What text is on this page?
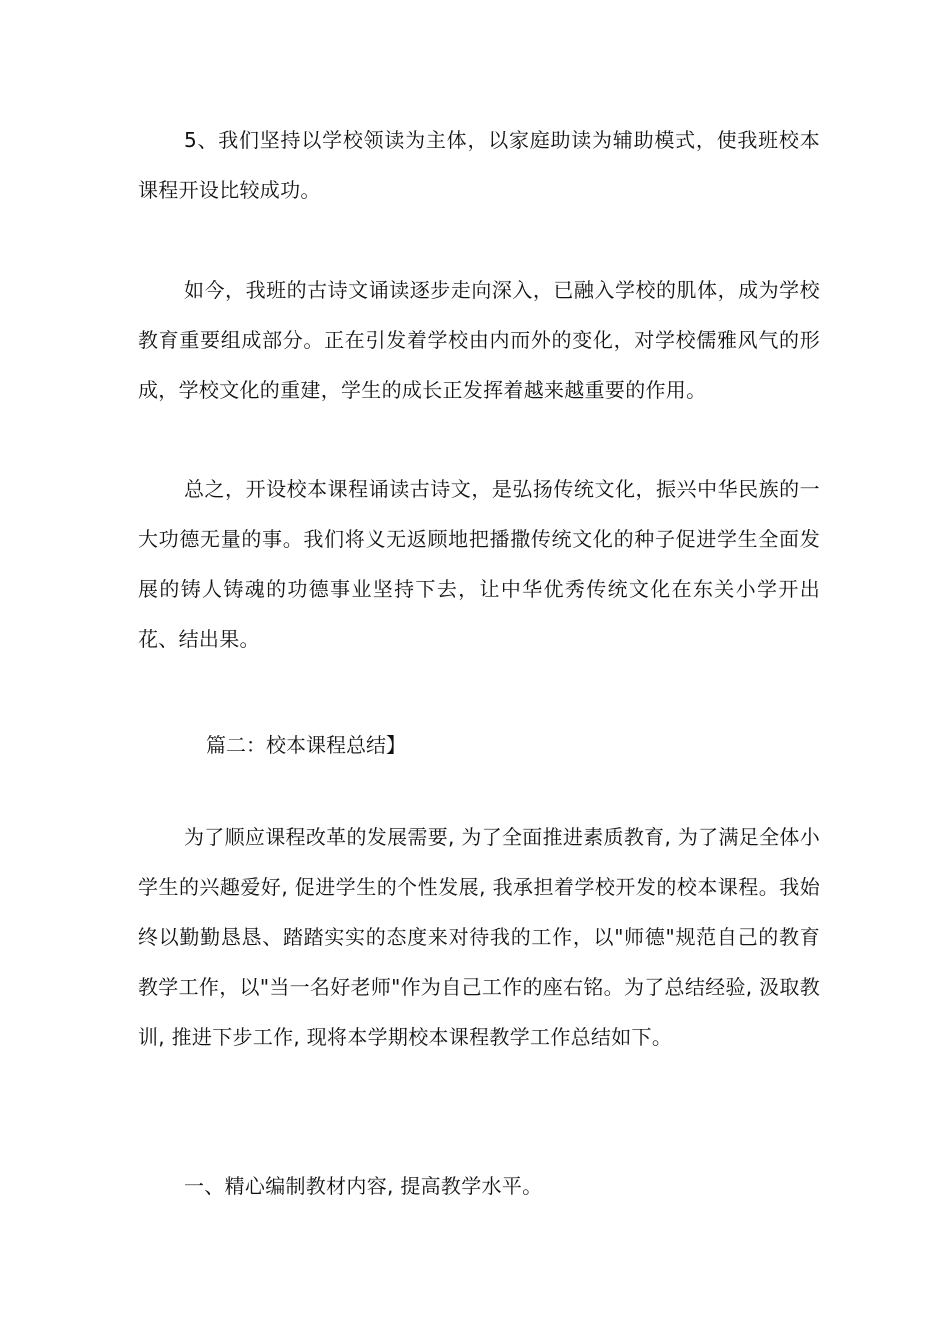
5、我们坚持以学校领读为主体，以家庭助读为辅助模式，使我班校本课程开设比较成功。

如今，我班的古诗文诵读逐步走向深入，已融入学校的肌体，成为学校教育重要组成部分。正在引发着学校由内而外的变化，对学校儒雅风气的形成，学校文化的重建，学生的成长正发挥着越来越重要的作用。

总之，开设校本课程诵读古诗文，是弘扬传统文化，振兴中华民族的一大功德无量的事。我们将义无返顾地把播撒传统文化的种子促进学生全面发展的铸人铸魂的功德事业坚持下去，让中华优秀传统文化在东关小学开出花、结出果。

篇二：校本课程总结】

为了顺应课程改革的发展需要, 为了全面推进素质教育, 为了满足全体小学生的兴趣爱好, 促进学生的个性发展, 我承担着学校开发的校本课程。我始终以勤勤恳恳、踏踏实实的态度来对待我的工作，以"师德"规范自己的教育教学工作，以"当一名好老师"作为自己工作的座右铭。为了总结经验, 汲取教训, 推进下步工作, 现将本学期校本课程教学工作总结如下。

一、精心编制教材内容, 提高教学水平。
